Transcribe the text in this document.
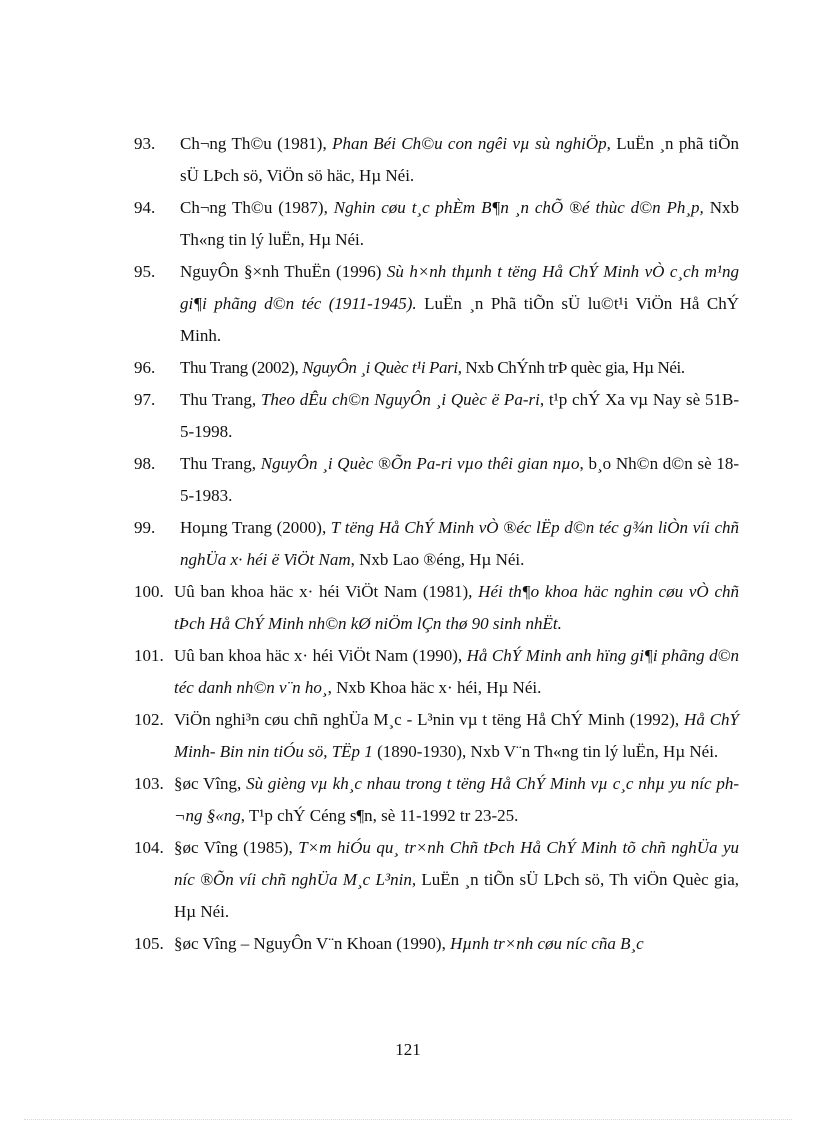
93.	Ch¬ng Th©u (1981), Phan Béi Ch©u con ngêi vµ sù nghiÖp, LuËn ¸n phã tiÕn sÜ LÞch sö, ViÖn sö häc, Hµ Néi.
94.	Ch¬ng Th©u (1987), Nghin cøu t¸c phÈm B¶n ¸n chÕ ®é thùc d©n Ph¸p, Nxb Th«ng tin lý luËn, Hµ Néi.
95.	NguyÔn §×nh ThuËn (1996) Sù h×nh thµnh t tëng Hå ChÝ Minh vÒ c¸ch m¹ng gi¶i phãng d©n téc (1911-1945). LuËn ¸n Phã tiÕn sÜ lu©t¹i ViÖn Hå ChÝ Minh.
96.	Thu Trang (2002), NguyÔn ¸i Quèc t¹i Pari, Nxb ChÝnh trÞ quèc gia, Hµ Néi.
97.	Thu Trang, Theo dÊu ch©n NguyÔn ¸i Quèc ë Pa-ri, t¹p chÝ Xa vµ Nay sè 51B-5-1998.
98.	Thu Trang, NguyÔn ¸i Quèc ®Õn Pa-ri vµo thêi gian nµo, b¸o Nh©n d©n sè 18-5-1983.
99.	Hoµng Trang (2000), T tëng Hå ChÝ Minh vÒ ®éc lËp d©n téc g¾n liÒn víi chñ nghÜa x· héi ë ViÖt Nam, Nxb Lao ®éng, Hµ Néi.
100. Uû ban khoa häc x· héi ViÖt Nam (1981), Héi th¶o khoa häc nghin cøu vÒ chñ tÞch Hå ChÝ Minh nh©n kØ niÖm lÇn thø 90 sinh nhËt.
101. Uû ban khoa häc x· héi ViÖt Nam (1990), Hå ChÝ Minh anh hïng gi¶i phãng d©n téc danh nh©n v¨n ho¸, Nxb Khoa häc x· héi, Hµ Néi.
102. ViÖn nghi³n cøu chñ nghÜa M¸c - L³nin vµ t tëng Hå ChÝ Minh (1992), Hå ChÝ Minh- Bin nin tiÓu sö, TËp 1 (1890-1930), Nxb V¨n Th«ng tin lý luËn, Hµ Néi.
103. §øc Vîng, Sù gièng vµ kh¸c nhau trong t tëng Hå ChÝ Minh vµ c¸c nhµ yu níc ph¬ng §«ng, T¹p chÝ Céng s¶n, sè 11-1992 tr 23-25.
104. §øc Vîng (1985), T×m hiÓu qu¸ tr×nh Chñ tÞch Hå ChÝ Minh tõ chñ nghÜa yu níc ®Õn víi chñ nghÜa M¸c L³nin, LuËn ¸n tiÕn sÜ LÞch sö, Th viÖn Quèc gia, Hµ Néi.
105. §øc Vîng – NguyÔn V¨n Khoan (1990), Hµnh tr×nh cøu níc cña B¸c
121
